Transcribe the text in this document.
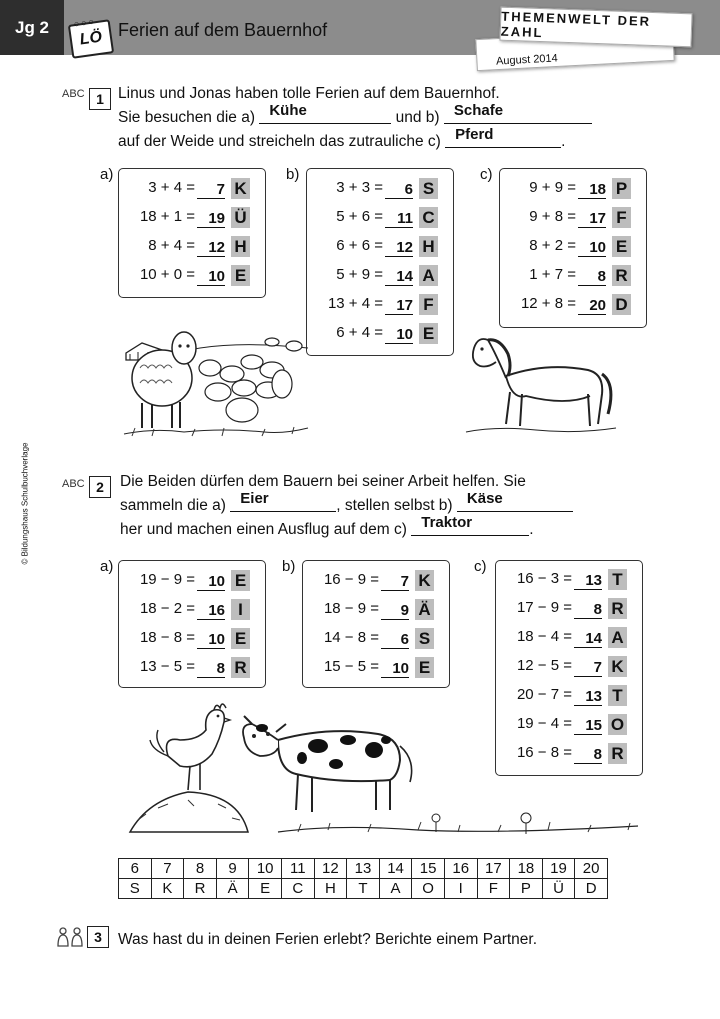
Jg 2	○○○
LÖ Ferien auf dem Bauernhof
August 2014
THEMENWELT DER ZAHL
© Bildungshaus Schulbuchverlage
ABC 1 Linus und Jonas haben tolle Ferien auf dem Bauernhof.
Sie besuchen die a) Kühe	und b) Schafe
auf der Weide und streicheln das zutrauliche c) Pferd	.
a)
3 + 4 =	7 K
18 + 1 = 19 Ü
8 + 4 = 12 H
10 + 0 = 10 E
b)
3 + 3 =	6 S
5 + 6 = 11 C
6 + 6 = 12 H
5 + 9 = 14 A
13 + 4 = 17 F
6 + 4 = 10 E
c)
9 + 9 = 18 P
9 + 8 = 17 F
8 + 2 = 10 E
1 + 7 =	8 R
12 + 8 = 20 D
ABC 2	Die Beiden dürfen dem Bauern bei seiner Arbeit helfen. Sie
sammeln die a) Eier	, stellen selbst b) Käse
her und machen einen Ausflug auf dem c) Traktor	.
a)
19 − 9 = 10 E
18 − 2 = 16 I
18 − 8 = 10 E
13 − 5 =	8 R
b)
16 − 9 =	7 K
18 − 9 =	9 Ä
14 − 8 =	6 S
15 − 5 = 10 E
c)
16 − 3 = 13 T
17 − 9 =	8 R
18 − 4 = 14 A
12 − 5 =	7 K
20 − 7 = 13 T
19 − 4 = 15 O
16 − 8 =	8 R
6	7	8	9	10	11	12	13	14	15	16	17	18	19	20
S	K	R	Ä	E	C	H	T	A	O	I	F	P	Ü	D
3	Was hast du in deinen Ferien erlebt? Berichte einem Partner.
